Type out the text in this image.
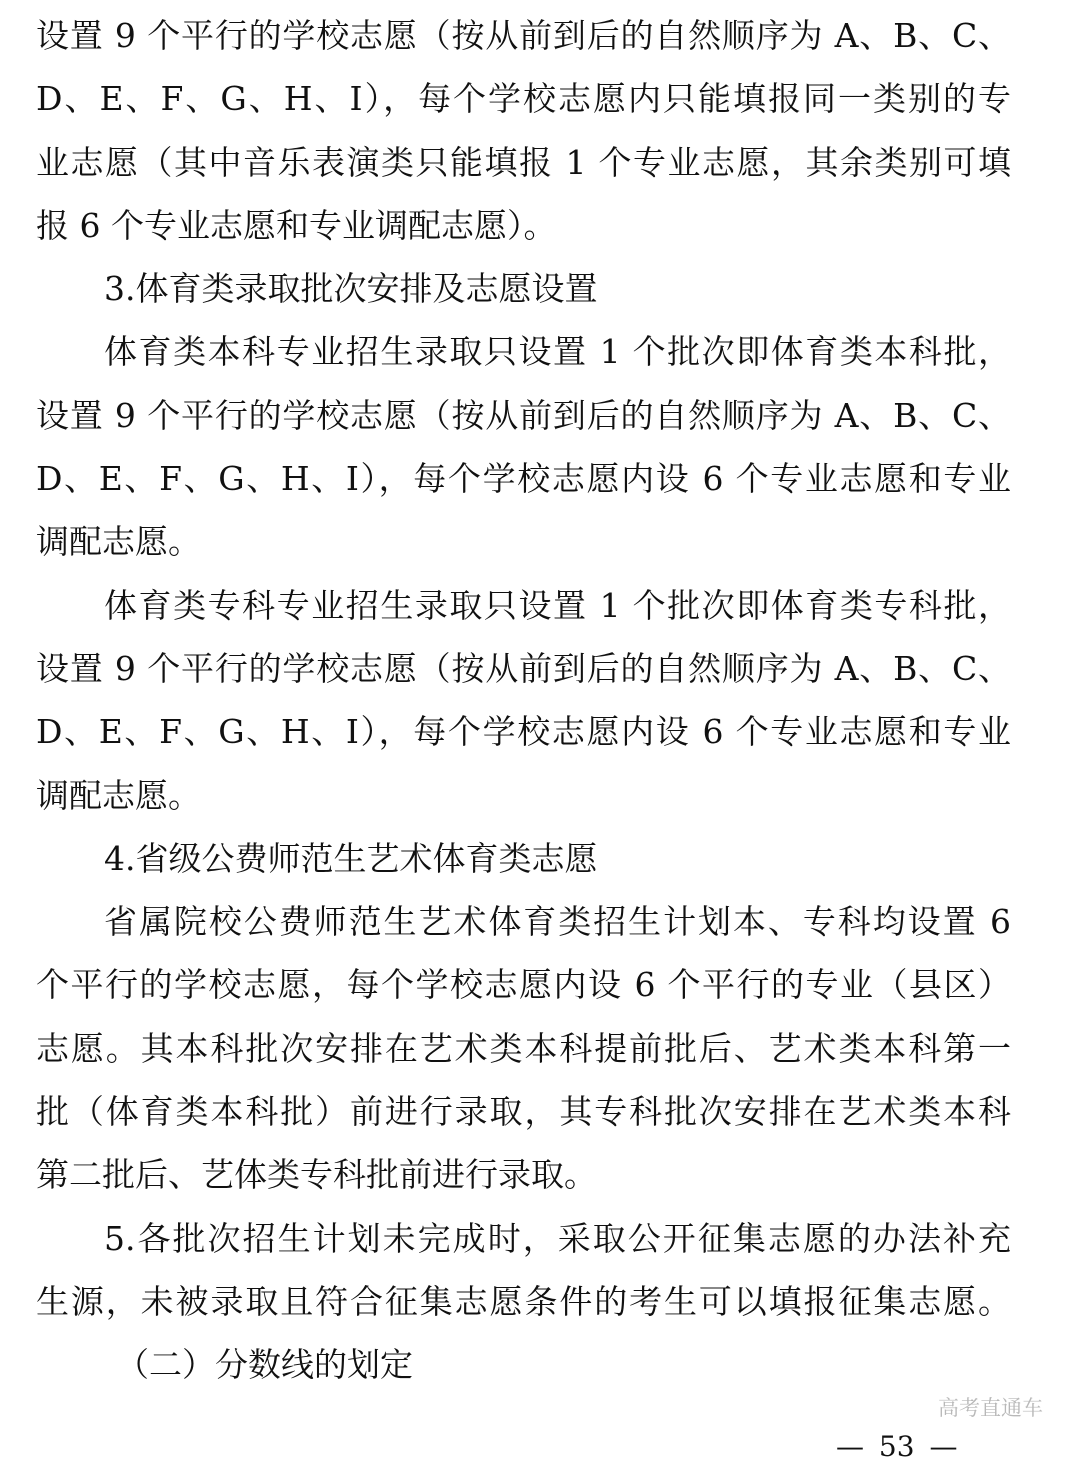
设置 9 个平行的学校志愿（按从前到后的自然顺序为 A、B、C、
D、E、F、G、H、I），每个学校志愿内只能填报同一类别的专
业志愿（其中音乐表演类只能填报 1 个专业志愿，其余类别可填
报 6 个专业志愿和专业调配志愿）。
3.体育类录取批次安排及志愿设置
体育类本科专业招生录取只设置 1 个批次即体育类本科批，
设置 9 个平行的学校志愿（按从前到后的自然顺序为 A、B、C、
D、E、F、G、H、I），每个学校志愿内设 6 个专业志愿和专业
调配志愿。
体育类专科专业招生录取只设置 1 个批次即体育类专科批，
设置 9 个平行的学校志愿（按从前到后的自然顺序为 A、B、C、
D、E、F、G、H、I），每个学校志愿内设 6 个专业志愿和专业
调配志愿。
4.省级公费师范生艺术体育类志愿
省属院校公费师范生艺术体育类招生计划本、专科均设置 6
个平行的学校志愿，每个学校志愿内设 6 个平行的专业（县区）
志愿。其本科批次安排在艺术类本科提前批后、艺术类本科第一
批（体育类本科批）前进行录取，其专科批次安排在艺术类本科
第二批后、艺体类专科批前进行录取。
5.各批次招生计划未完成时，采取公开征集志愿的办法补充
生源，未被录取且符合征集志愿条件的考生可以填报征集志愿。
（二）分数线的划定
高考直通车
— 53 —
